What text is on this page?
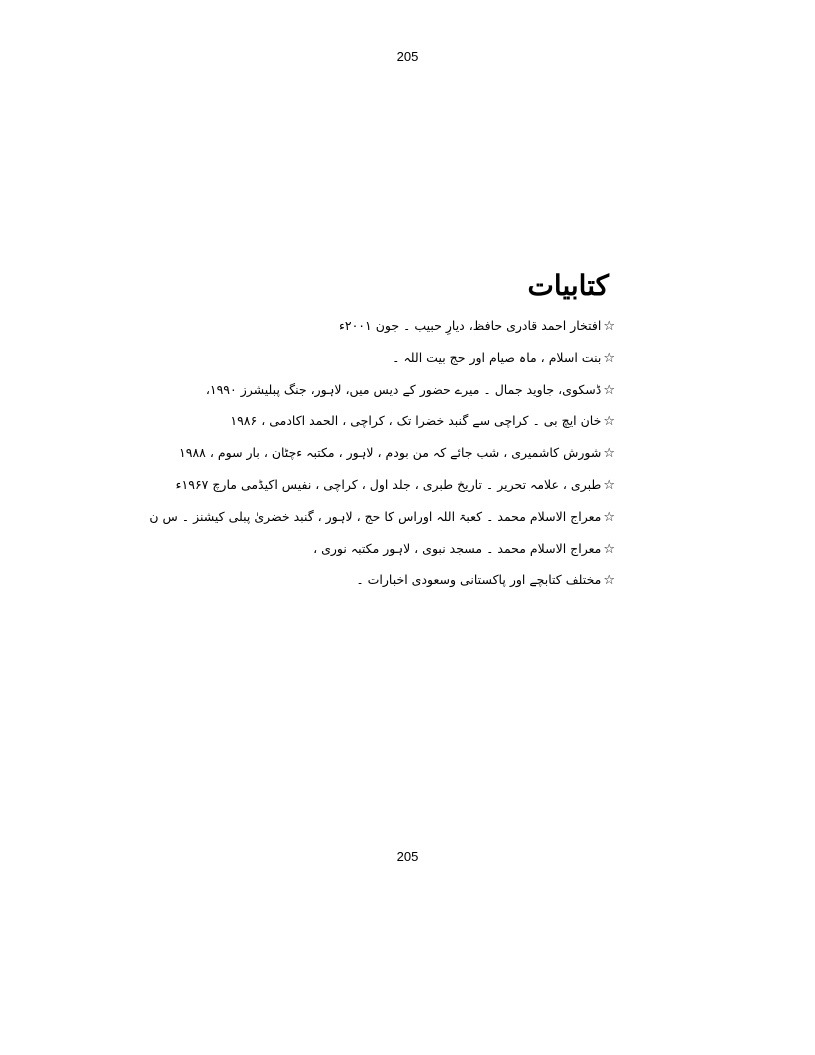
205
کتابیات
☆افتخار احمد قادری حافظ، دیارِ حبیب ۔ جون ۲۰۰۱ء
☆بنت اسلام ، ماہ صیام اور حج بیت اللہ ۔
☆ڈسکوی، جاوید جمال ۔ میرے حضور کے دیس میں، لاہور، جنگ پبلیشرز ۱۹۹۰،
☆خان ایچ بی ۔ کراچی سے گنبد خضرا تک ، کراچی ، الحمد اکادمی ، ۱۹۸۶
☆شورش کاشمیری ، شب جائے کہ من بودم ، لاہور ، مکتبہ ءچٹان ، بار سوم ، ۱۹۸۸
☆طبری ، علامہ تحریر ۔ تاریخ طبری ، جلد اول ، کراچی ، نفیس اکیڈمی مارچ ۱۹۶۷ء
☆معراج الاسلام محمد ۔ کعبۃ اللہ اوراس کا حج ، لاہور ، گنبد خضریٰ پبلی کیشنز ۔ س ن
☆معراج الاسلام محمد ۔ مسجد نبوی ، لاہور مکتبہ نوری ،
☆مختلف کتابچے اور پاکستانی وسعودی اخبارات ۔
205
